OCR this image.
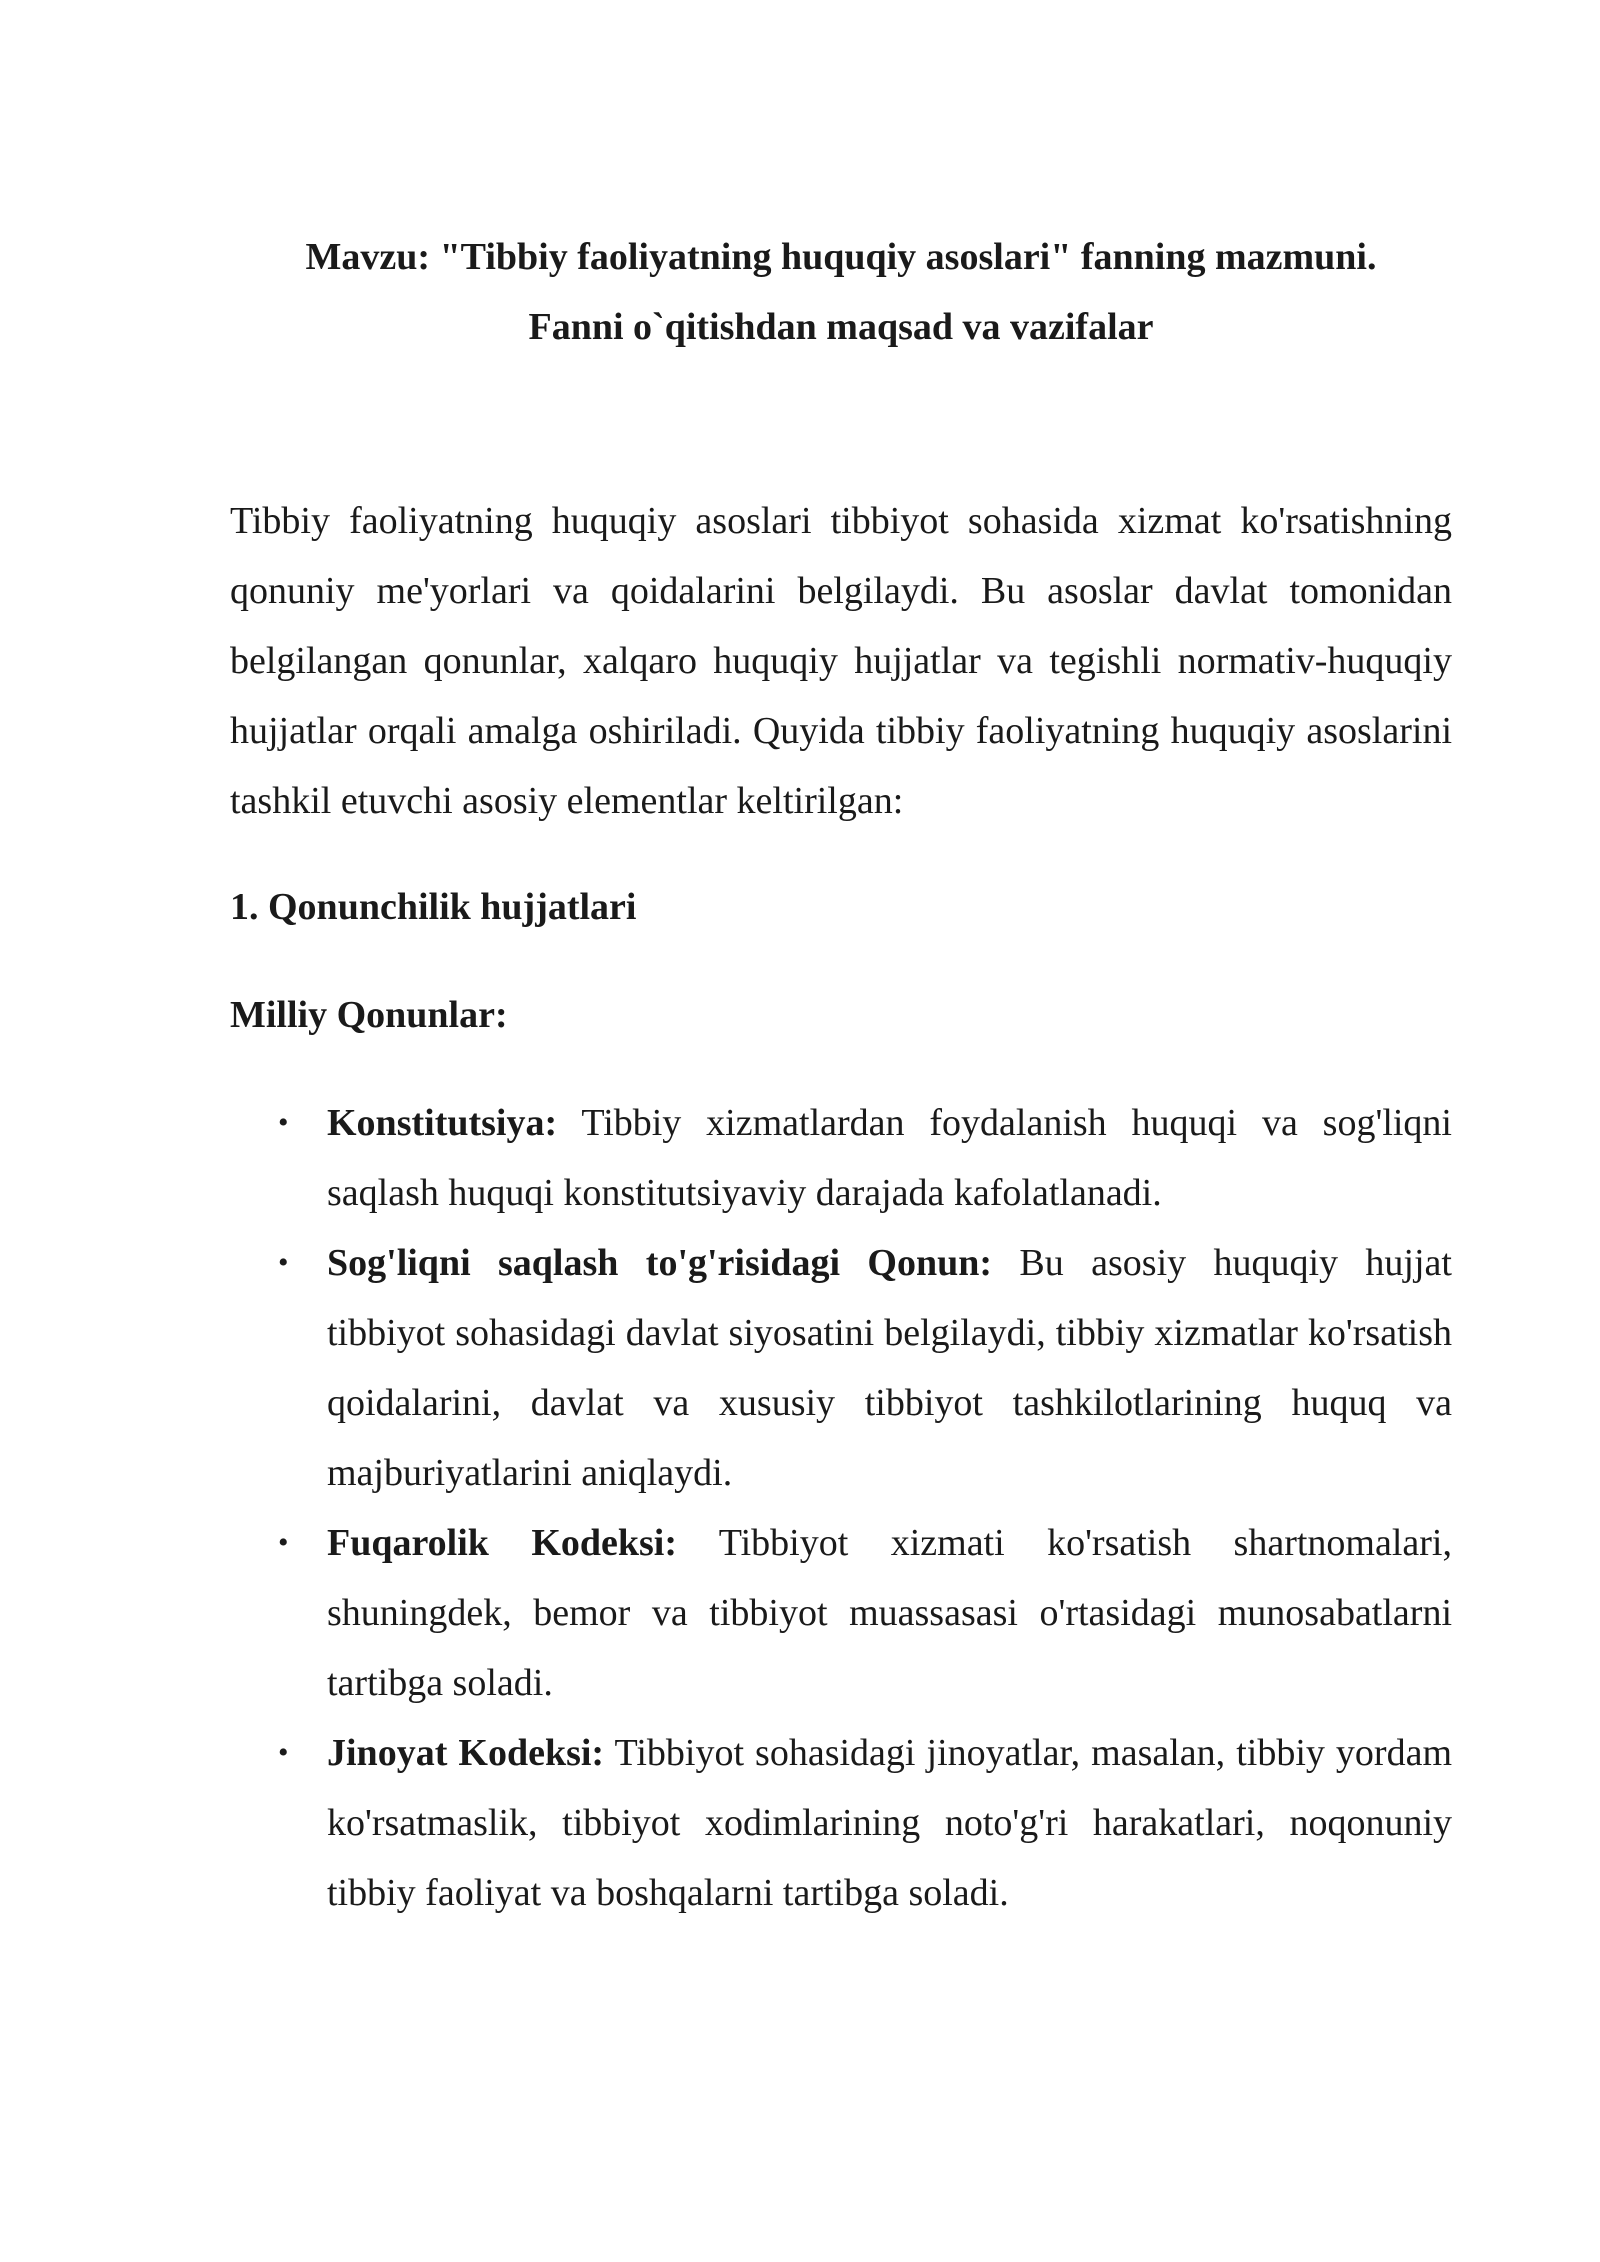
Mavzu: "Tibbiy faoliyatning huquqiy asoslari" fanning mazmuni.
Fanni o`qitishdan maqsad va vazifalar

Tibbiy faoliyatning huquqiy asoslari tibbiyot sohasida xizmat ko'rsatishning qonuniy me'yorlari va qoidalarini belgilaydi. Bu asoslar davlat tomonidan belgilangan qonunlar, xalqaro huquqiy hujjatlar va tegishli normativ-huquqiy hujjatlar orqali amalga oshiriladi. Quyida tibbiy faoliyatning huquqiy asoslarini tashkil etuvchi asosiy elementlar keltirilgan:

1. Qonunchilik hujjatlari

Milliy Qonunlar:

• Konstitutsiya: Tibbiy xizmatlardan foydalanish huquqi va sog'liqni saqlash huquqi konstitutsiyaviy darajada kafolatlanadi.
• Sog'liqni saqlash to'g'risidagi Qonun: Bu asosiy huquqiy hujjat tibbiyot sohasidagi davlat siyosatini belgilaydi, tibbiy xizmatlar ko'rsatish qoidalarini, davlat va xususiy tibbiyot tashkilotlarining huquq va majburiyatlarini aniqlaydi.
• Fuqarolik Kodeksi: Tibbiyot xizmati ko'rsatish shartnomalari, shuningdek, bemor va tibbiyot muassasasi o'rtasidagi munosabatlarni tartibga soladi.
• Jinoyat Kodeksi: Tibbiyot sohasidagi jinoyatlar, masalan, tibbiy yordam ko'rsatmaslik, tibbiyot xodimlarining noto'g'ri harakatlari, noqonuniy tibbiy faoliyat va boshqalarni tartibga soladi.
